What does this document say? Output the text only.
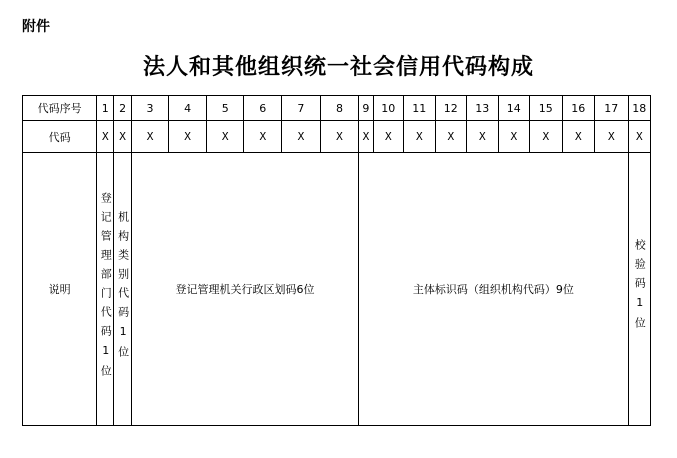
附件
法人和其他组织统一社会信用代码构成
代码序号	1	2	3	4	5	6	7	8	9	10	11	12	13	14	15	16	17	18
代码	X	X	X	X	X	X	X	X	X	X	X	X	X	X	X	X	X	X
说明	登记管理部门代码1位	机构类别代码1位	登记管理机关行政区划码6位						主体标识码（组织机构代码）9位									校验码1位
